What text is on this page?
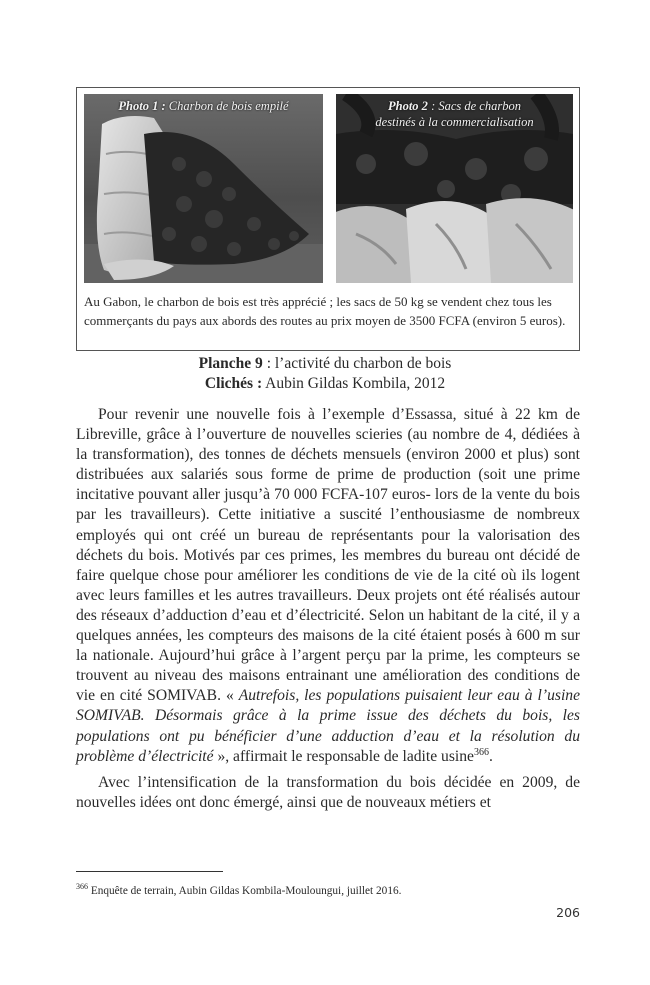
Photo 1 : Charbon de bois empilé	Photo 2 : Sacs de charbon
destinés à la commercialisation
Au Gabon, le charbon de bois est très apprécié ; les sacs de 50 kg se vendent chez tous les commerçants du pays aux abords des routes au prix moyen de 3500 FCFA (environ 5 euros).
Planche 9 : l’activité du charbon de bois
Clichés : Aubin Gildas Kombila, 2012

Pour revenir une nouvelle fois à l’exemple d’Essassa, situé à 22 km de Libreville, grâce à l’ouverture de nouvelles scieries (au nombre de 4, dédiées à la transformation), des tonnes de déchets mensuels (environ 2000 et plus) sont distribuées aux salariés sous forme de prime de production (soit une prime incitative pouvant aller jusqu’à 70 000 FCFA-107 euros- lors de la vente du bois par les travailleurs). Cette initiative a suscité l’enthousiasme de nombreux employés qui ont créé un bureau de représentants pour la valorisation des déchets du bois. Motivés par ces primes, les membres du bureau ont décidé de faire quelque chose pour améliorer les conditions de vie de la cité où ils logent avec leurs familles et les autres travailleurs. Deux projets ont été réalisés autour des réseaux d’adduction d’eau et d’électricité. Selon un habitant de la cité, il y a quelques années, les compteurs des maisons de la cité étaient posés à 600 m sur la nationale. Aujourd’hui grâce à l’argent perçu par la prime, les compteurs se trouvent au niveau des maisons entrainant une amélioration des conditions de vie en cité SOMIVAB. « Autrefois, les populations puisaient leur eau à l’usine SOMIVAB. Désormais grâce à la prime issue des déchets du bois, les populations ont pu bénéficier d’une adduction d’eau et la résolution du problème d’électricité », affirmait le responsable de ladite usine$^{366}$.

Avec l’intensification de la transformation du bois décidée en 2009, de nouvelles idées ont donc émergé, ainsi que de nouveaux métiers et

$^{366}$ Enquête de terrain, Aubin Gildas Kombila-Mouloungui, juillet 2016.
206
